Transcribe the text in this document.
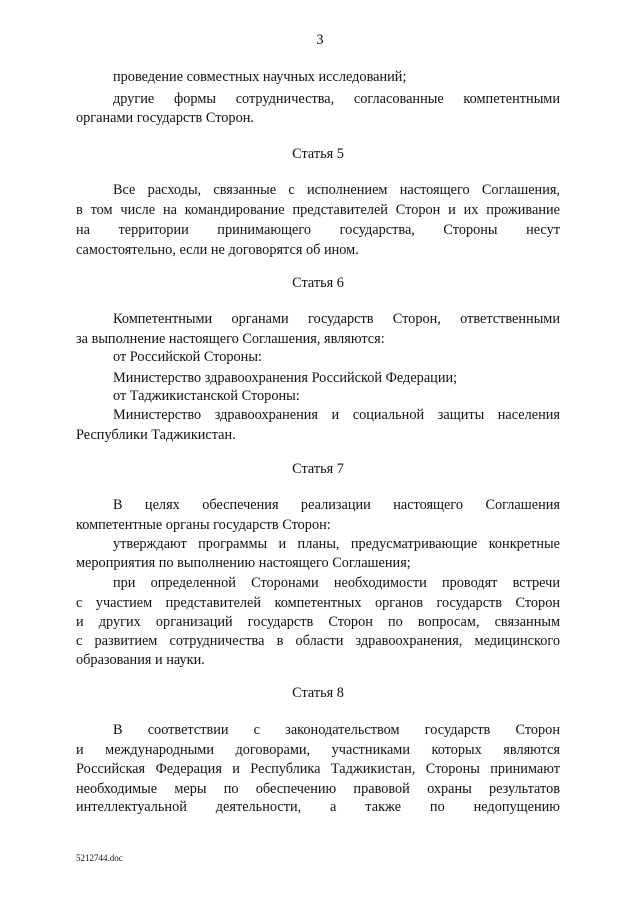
3
проведение совместных научных исследований;
другие формы сотрудничества, согласованные компетентными
органами государств Сторон.
Статья 5
Все расходы, связанные с исполнением настоящего Соглашения,
в том числе на командирование представителей Сторон и их проживание
на территории принимающего государства, Стороны несут
самостоятельно, если не договорятся об ином.
Статья 6
Компетентными органами государств Сторон, ответственными
за выполнение настоящего Соглашения, являются:
от Российской Стороны:
Министерство здравоохранения Российской Федерации;
от Таджикистанской Стороны:
Министерство здравоохранения и социальной защиты населения
Республики Таджикистан.
Статья 7
В целях обеспечения реализации настоящего Соглашения
компетентные органы государств Сторон:
утверждают программы и планы, предусматривающие конкретные
мероприятия по выполнению настоящего Соглашения;
при определенной Сторонами необходимости проводят встречи
с участием представителей компетентных органов государств Сторон
и других организаций государств Сторон по вопросам, связанным
с развитием сотрудничества в области здравоохранения, медицинского
образования и науки.
Статья 8
В соответствии с законодательством государств Сторон
и международными договорами, участниками которых являются
Российская Федерация и Республика Таджикистан, Стороны принимают
необходимые меры по обеспечению правовой охраны результатов
интеллектуальной деятельности, а также по недопущению
5212744.doc
